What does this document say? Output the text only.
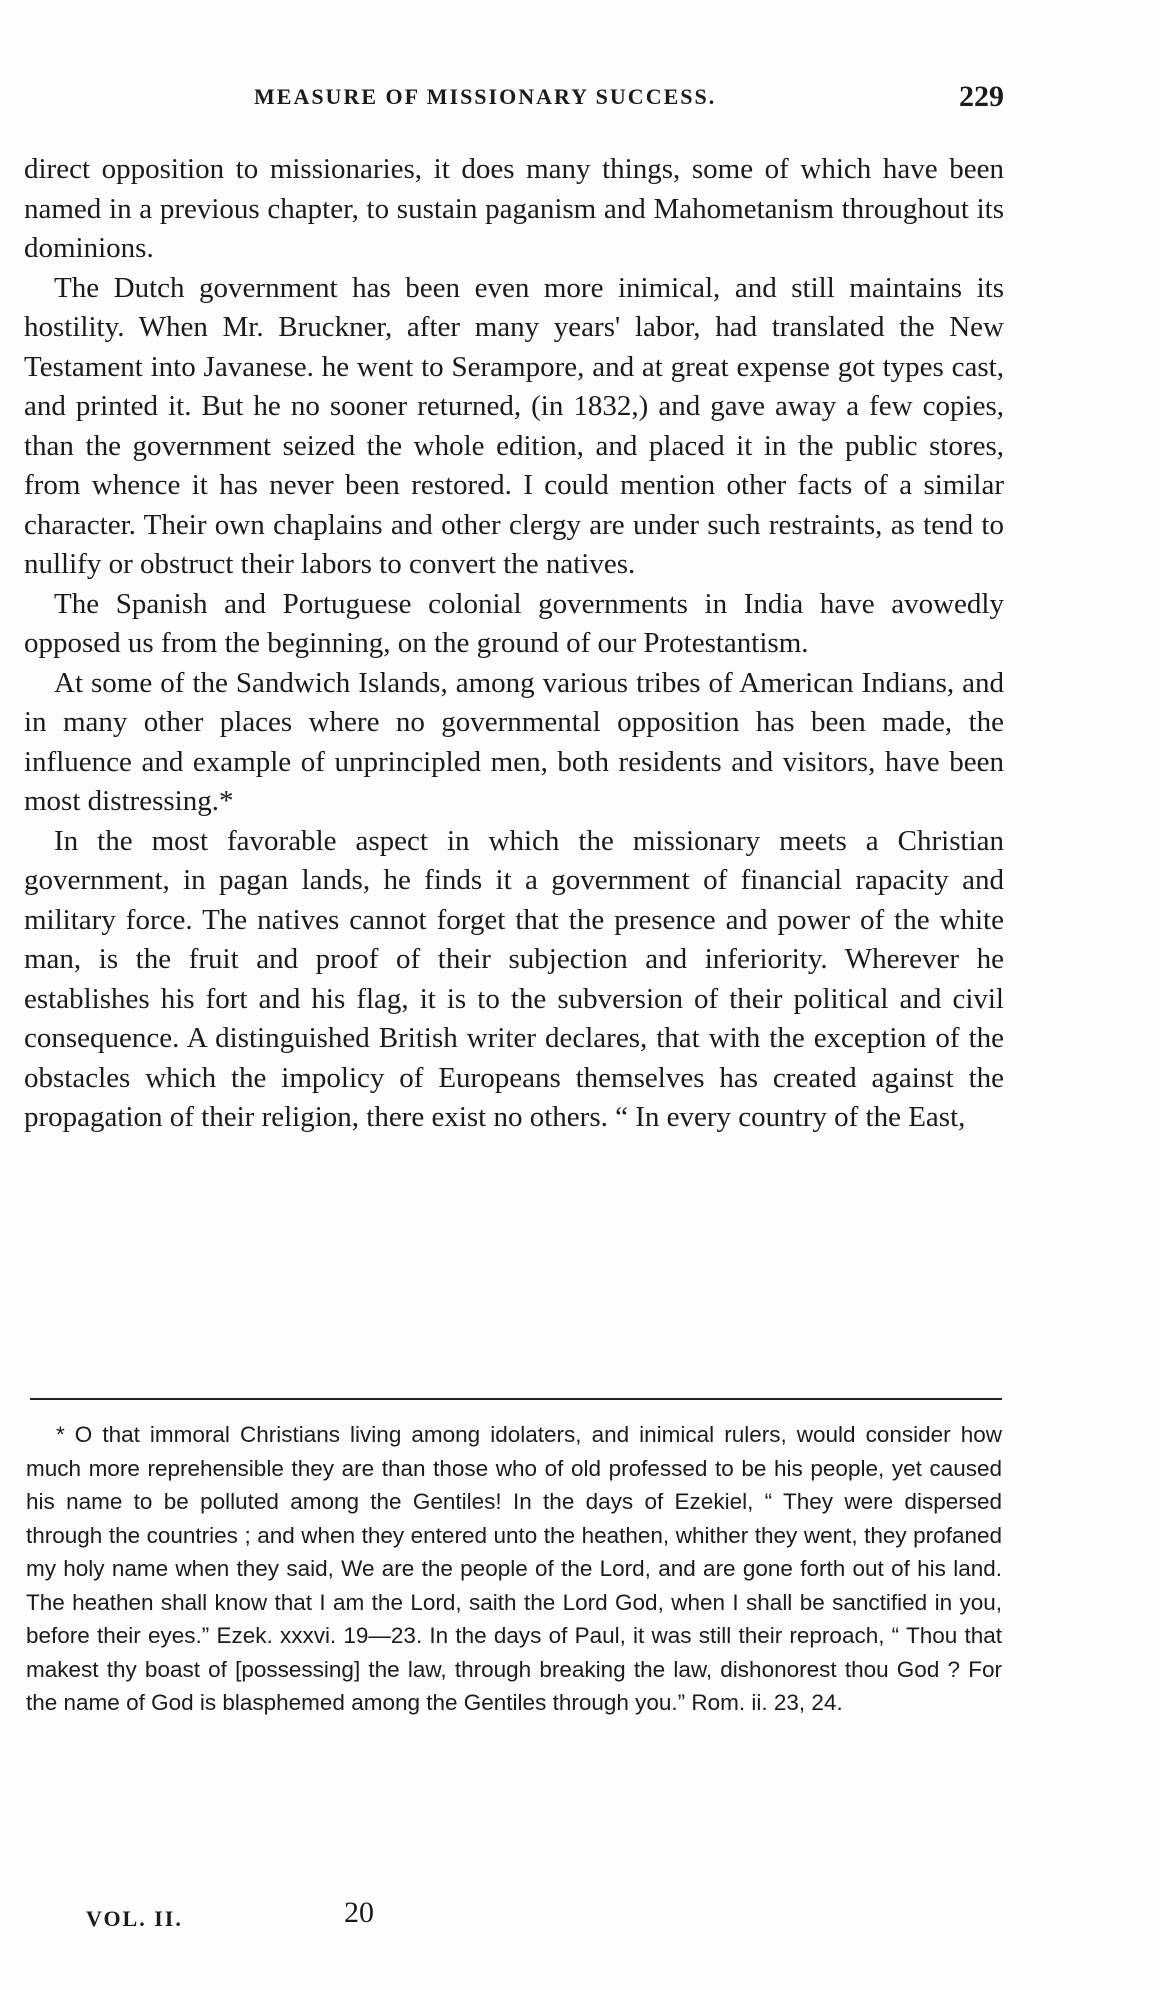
MEASURE OF MISSIONARY SUCCESS.	229

direct opposition to missionaries, it does many things, some of which have been named in a previous chapter, to sustain paganism and Mahometanism throughout its dominions.

The Dutch government has been even more inimical, and still maintains its hostility. When Mr. Bruckner, after many years' labor, had translated the New Testament into Javanese. he went to Serampore, and at great expense got types cast, and printed it. But he no sooner returned, (in 1832,) and gave away a few copies, than the government seized the whole edition, and placed it in the public stores, from whence it has never been restored. I could mention other facts of a similar character. Their own chaplains and other clergy are under such restraints, as tend to nullify or obstruct their labors to convert the natives.

The Spanish and Portuguese colonial governments in India have avowedly opposed us from the beginning, on the ground of our Protestantism.

At some of the Sandwich Islands, among various tribes of American Indians, and in many other places where no governmental opposition has been made, the influence and example of unprincipled men, both residents and visitors, have been most distressing.*

In the most favorable aspect in which the missionary meets a Christian government, in pagan lands, he finds it a government of financial rapacity and military force. The natives cannot forget that the presence and power of the white man, is the fruit and proof of their subjection and inferiority. Wherever he establishes his fort and his flag, it is to the subversion of their political and civil consequence. A distinguished British writer declares, that with the exception of the obstacles which the impolicy of Europeans themselves has created against the propagation of their religion, there exist no others. “ In every country of the East,

* O that immoral Christians living among idolaters, and inimical rulers, would consider how much more reprehensible they are than those who of old professed to be his people, yet caused his name to be polluted among the Gentiles! In the days of Ezekiel, “ They were dispersed through the countries ; and when they entered unto the heathen, whither they went, they profaned my holy name when they said, We are the people of the Lord, and are gone forth out of his land. The heathen shall know that I am the Lord, saith the Lord God, when I shall be sanctified in you, before their eyes.” Ezek. xxxvi. 19—23. In the days of Paul, it was still their reproach, “ Thou that makest thy boast of [possessing] the law, through breaking the law, dishonorest thou God ? For the name of God is blasphemed among the Gentiles through you.” Rom. ii. 23, 24.

VOL. II.	20
